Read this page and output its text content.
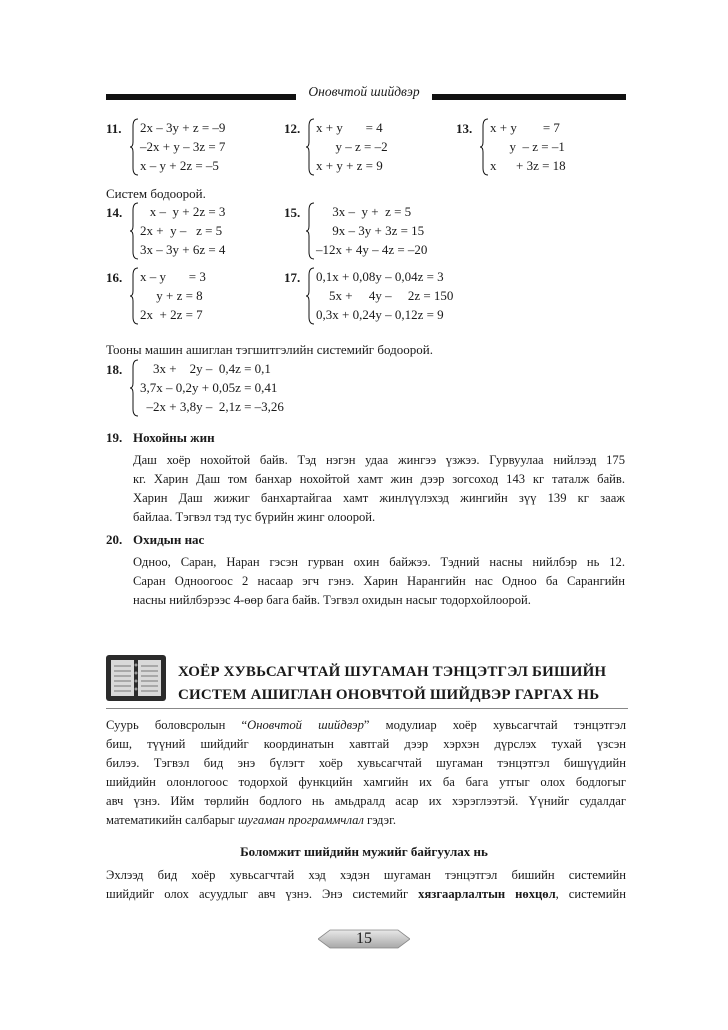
Оновчтой шийдвэр
11. 2x – 3y + z = –9
–2x + y – 3z = 7
x – y + 2z = –5
12. x + y       = 4
y – z = –2
x + y + z = 9
13. x + y        = 7
y  – z = –1
x      + 3z = 18
Систем бодоорой.
14. x –  y + 2z = 3
2x +  y –   z = 5
3x – 3y + 6z = 4
15. 3x –  y +  z = 5
9x – 3y + 3z = 15
–12x + 4y – 4z = –20
16. x – y       = 3
y + z = 8
2x  + 2z = 7
17. 0,1x + 0,08y – 0,04z = 3
5x +     4y –     2z = 150
0,3x + 0,24y – 0,12z = 9
Тооны машин ашиглан тэгшитгэлийн системийг бодоорой.
18. 3x +    2y –  0,4z = 0,1
3,7x – 0,2y + 0,05z = 0,41
–2x + 3,8y –  2,1z = –3,26
19. Нохойны жин
Даш хоёр нохойтой байв. Тэд нэгэн удаа жингээ үзжээ. Гурвуулаа нийлээд 175
кг. Харин Даш том банхар нохойтой хамт жин дээр зогсоход 143 кг таталж байв.
Харин Даш жижиг банхартайгаа хамт жинлүүлэхэд жингийн зүү 139 кг зааж
байлаа. Тэгвэл тэд тус бүрийн жинг олоорой.
20. Охидын нас
Одноо, Саран, Наран гэсэн гурван охин байжээ. Тэдний насны нийлбэр нь 12.
Саран Одноогоос 2 насаар эгч гэнэ. Харин Нарангийн нас Одноо ба Сарангийн
насны нийлбэрээс 4-өөр бага байв. Тэгвэл охидын насыг тодорхойлоорой.
ХОЁР ХУВЬСАГЧТАЙ ШУГАМАН ТЭНЦЭТГЭЛ БИШИЙН
СИСТЕМ АШИГЛАН ОНОВЧТОЙ ШИЙДВЭР ГАРГАХ НЬ
Суурь боловсролын “Оновчтой шийдвэр” модулиар хоёр хувьсагчтай тэнцэтгэл
биш, түүний шийдийг координатын хавтгай дээр хэрхэн дүрслэх тухай үзсэн
билээ. Тэгвэл бид энэ бүлэгт хоёр хувьсагчтай шугаман тэнцэтгэл бишүүдийн
шийдийн олонлогоос тодорхой функцийн хамгийн их ба бага утгыг олох бодлогыг
авч үзнэ. Ийм төрлийн бодлого нь амьдралд асар их хэрэглээтэй. Үүнийг судалдаг
математикийн салбарыг шугаман программчлал гэдэг.
Боломжит шийдийн мужийг байгуулах нь
Эхлээд бид хоёр хувьсагчтай хэд хэдэн шугаман тэнцэтгэл бишийн системийн
шийдийг олох асуудлыг авч үзнэ. Энэ системийг хязгаарлалтын нөхцөл, системийн
15
